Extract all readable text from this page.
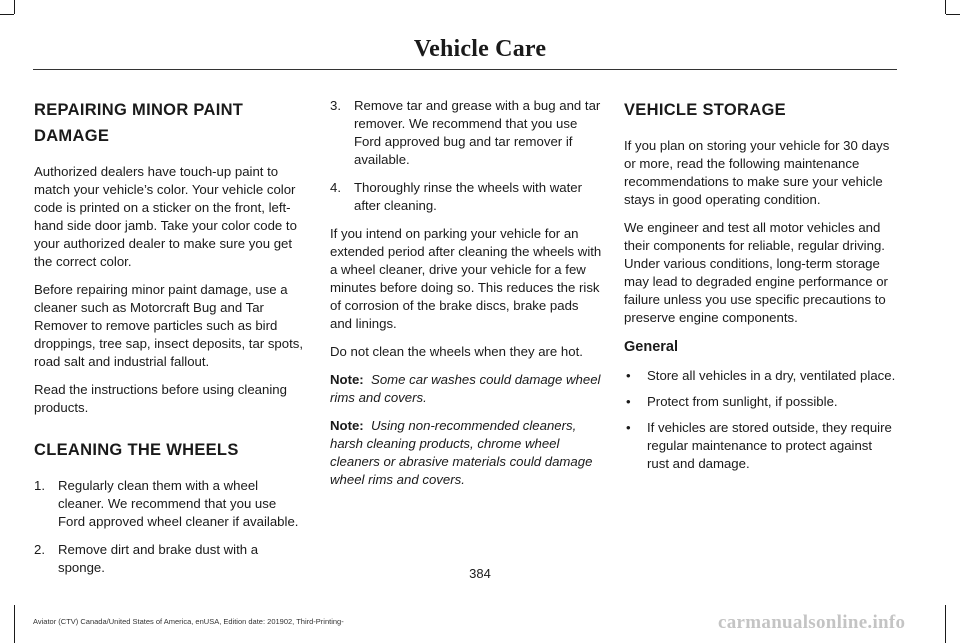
Vehicle Care
REPAIRING MINOR PAINT DAMAGE

Authorized dealers have touch-up paint to match your vehicle’s color. Your vehicle color code is printed on a sticker on the front, left-hand side door jamb. Take your color code to your authorized dealer to make sure you get the correct color.

Before repairing minor paint damage, use a cleaner such as Motorcraft Bug and Tar Remover to remove particles such as bird droppings, tree sap, insect deposits, tar spots, road salt and industrial fallout.

Read the instructions before using cleaning products.

CLEANING THE WHEELS
1. Regularly clean them with a wheel cleaner. We recommend that you use Ford approved wheel cleaner if available.
2. Remove dirt and brake dust with a sponge.
3. Remove tar and grease with a bug and tar remover. We recommend that you use Ford approved bug and tar remover if available.
4. Thoroughly rinse the wheels with water after cleaning.

If you intend on parking your vehicle for an extended period after cleaning the wheels with a wheel cleaner, drive your vehicle for a few minutes before doing so. This reduces the risk of corrosion of the brake discs, brake pads and linings.

Do not clean the wheels when they are hot.

Note: Some car washes could damage wheel rims and covers.

Note: Using non-recommended cleaners, harsh cleaning products, chrome wheel cleaners or abrasive materials could damage wheel rims and covers.

VEHICLE STORAGE

If you plan on storing your vehicle for 30 days or more, read the following maintenance recommendations to make sure your vehicle stays in good operating condition.

We engineer and test all motor vehicles and their components for reliable, regular driving. Under various conditions, long-term storage may lead to degraded engine performance or failure unless you use specific precautions to preserve engine components.

General
• Store all vehicles in a dry, ventilated place.
• Protect from sunlight, if possible.
• If vehicles are stored outside, they require regular maintenance to protect against rust and damage.
384
Aviator (CTV) Canada/United States of America, enUSA, Edition date: 201902, Third-Printing-	carmanualsonline.info
